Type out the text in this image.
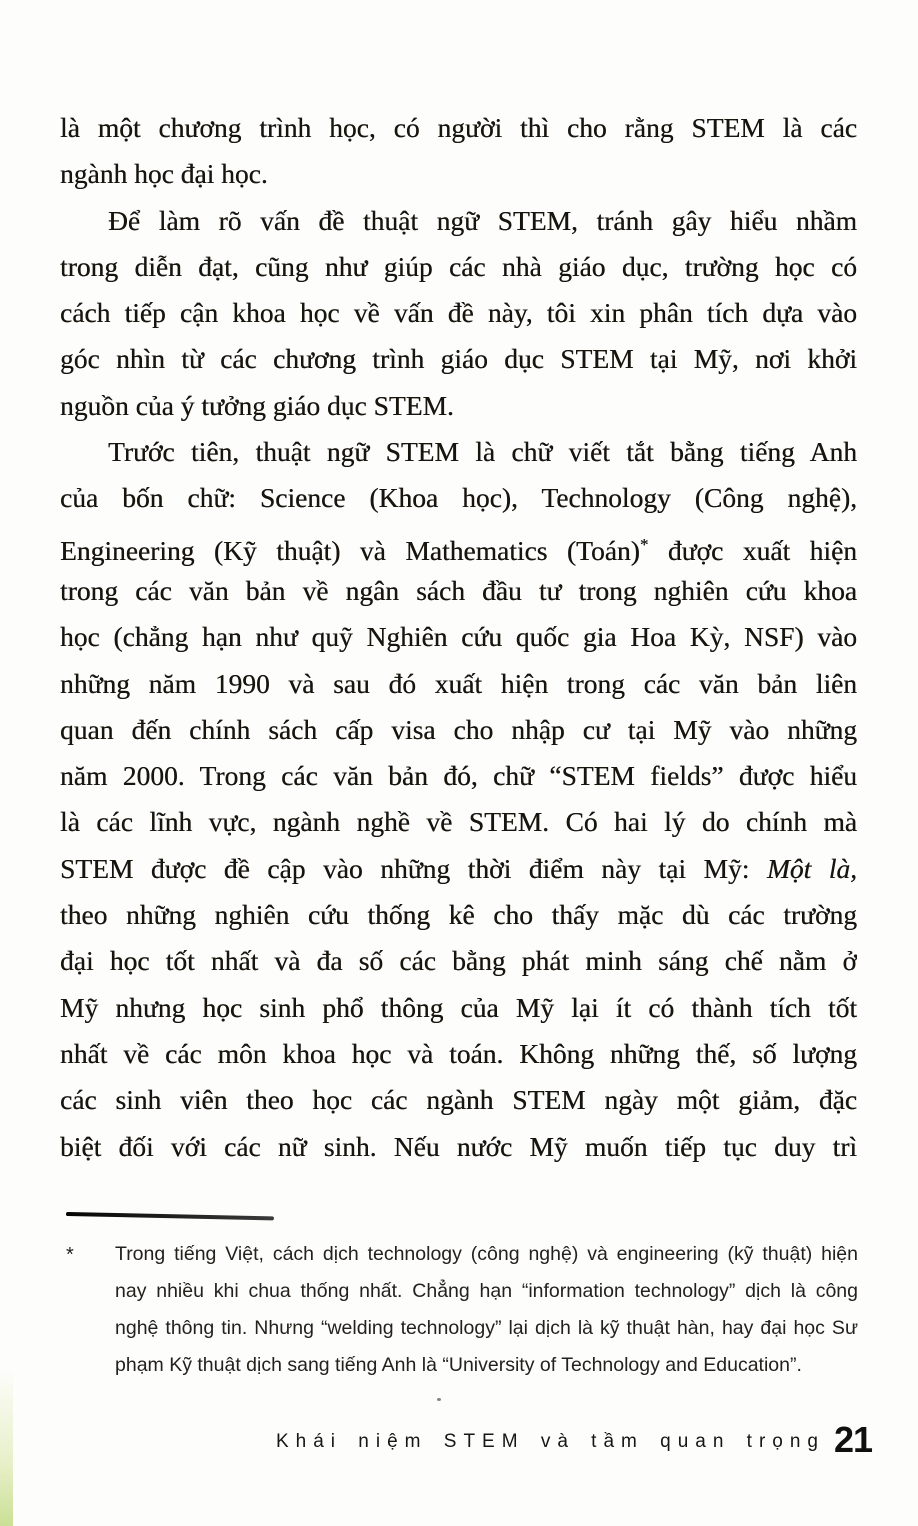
là một chương trình học, có người thì cho rằng STEM là các
ngành học đại học.
Để làm rõ vấn đề thuật ngữ STEM, tránh gây hiểu nhầm
trong diễn đạt, cũng như giúp các nhà giáo dục, trường học có
cách tiếp cận khoa học về vấn đề này, tôi xin phân tích dựa vào
góc nhìn từ các chương trình giáo dục STEM tại Mỹ, nơi khởi
nguồn của ý tưởng giáo dục STEM.
Trước tiên, thuật ngữ STEM là chữ viết tắt bằng tiếng Anh
của bốn chữ: Science (Khoa học), Technology (Công nghệ),
Engineering (Kỹ thuật) và Mathematics (Toán)* được xuất hiện
trong các văn bản về ngân sách đầu tư trong nghiên cứu khoa
học (chẳng hạn như quỹ Nghiên cứu quốc gia Hoa Kỳ, NSF) vào
những năm 1990 và sau đó xuất hiện trong các văn bản liên
quan đến chính sách cấp visa cho nhập cư tại Mỹ vào những
năm 2000. Trong các văn bản đó, chữ “STEM fields” được hiểu
là các lĩnh vực, ngành nghề về STEM. Có hai lý do chính mà
STEM được đề cập vào những thời điểm này tại Mỹ: Một là,
theo những nghiên cứu thống kê cho thấy mặc dù các trường
đại học tốt nhất và đa số các bằng phát minh sáng chế nằm ở
Mỹ nhưng học sinh phổ thông của Mỹ lại ít có thành tích tốt
nhất về các môn khoa học và toán. Không những thế, số lượng
các sinh viên theo học các ngành STEM ngày một giảm, đặc
biệt đối với các nữ sinh. Nếu nước Mỹ muốn tiếp tục duy trì
* Trong tiếng Việt, cách dịch technology (công nghệ) và engineering (kỹ thuật) hiện
nay nhiều khi chua thống nhất. Chẳng hạn “information technology” dịch là công
nghệ thông tin. Nhưng “welding technology” lại dịch là kỹ thuật hàn, hay đại học Sư
phạm Kỹ thuật dịch sang tiếng Anh là “University of Technology and Education”.
Khái niệm STEM và tầm quan trọng 21
